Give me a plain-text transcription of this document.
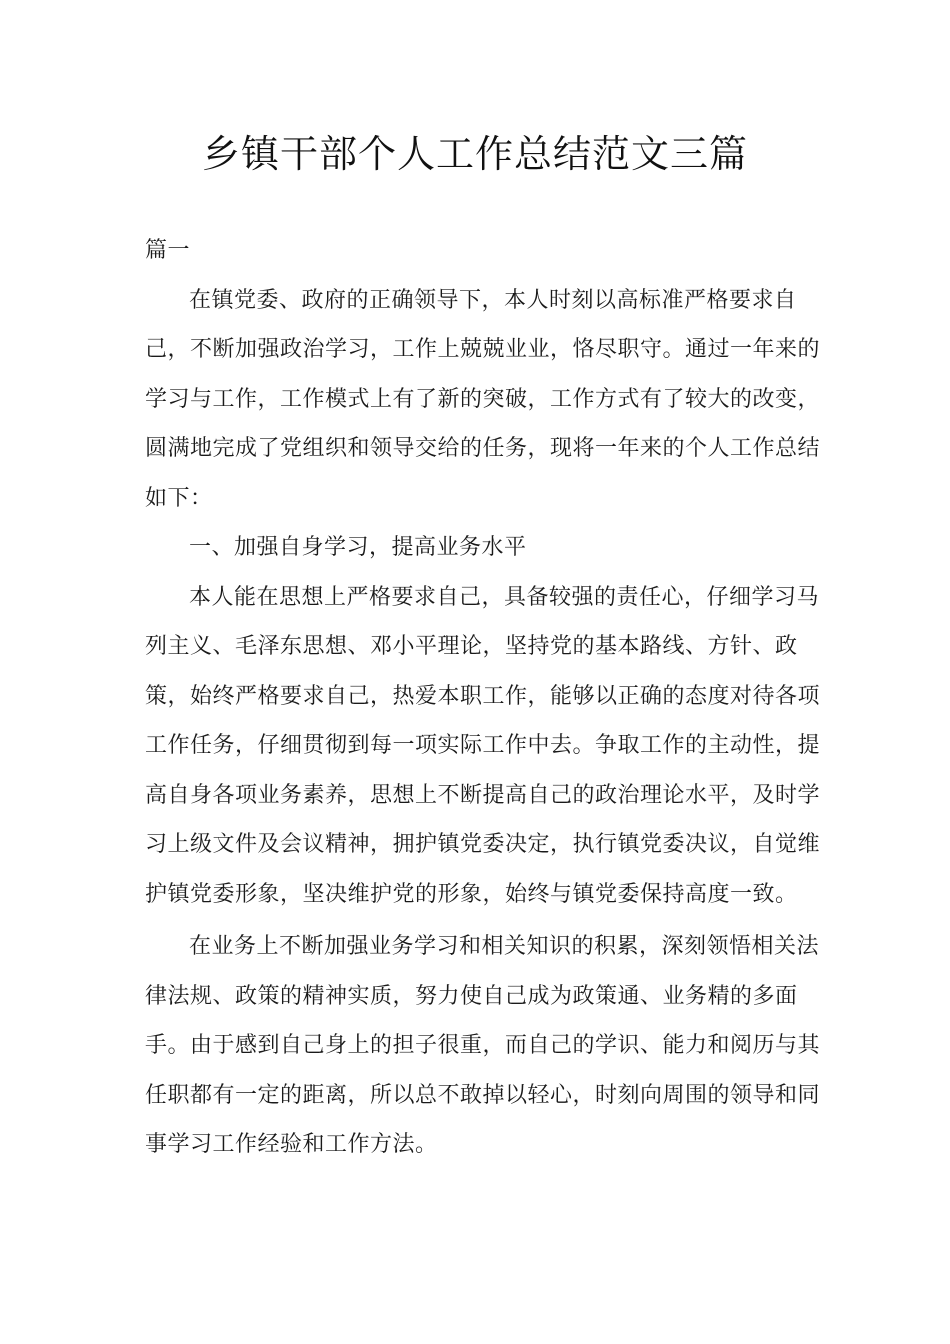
乡镇干部个人工作总结范文三篇

篇一

在镇党委、政府的正确领导下，本人时刻以高标准严格要求自己，不断加强政治学习，工作上兢兢业业，恪尽职守。通过一年来的学习与工作，工作模式上有了新的突破，工作方式有了较大的改变，圆满地完成了党组织和领导交给的任务，现将一年来的个人工作总结如下：

一、加强自身学习，提高业务水平

本人能在思想上严格要求自己，具备较强的责任心，仔细学习马列主义、毛泽东思想、邓小平理论，坚持党的基本路线、方针、政策，始终严格要求自己，热爱本职工作，能够以正确的态度对待各项工作任务，仔细贯彻到每一项实际工作中去。争取工作的主动性，提高自身各项业务素养，思想上不断提高自己的政治理论水平，及时学习上级文件及会议精神，拥护镇党委决定，执行镇党委决议，自觉维护镇党委形象，坚决维护党的形象，始终与镇党委保持高度一致。

在业务上不断加强业务学习和相关知识的积累，深刻领悟相关法律法规、政策的精神实质，努力使自己成为政策通、业务精的多面手。由于感到自己身上的担子很重，而自己的学识、能力和阅历与其任职都有一定的距离，所以总不敢掉以轻心，时刻向周围的领导和同事学习工作经验和工作方法。
